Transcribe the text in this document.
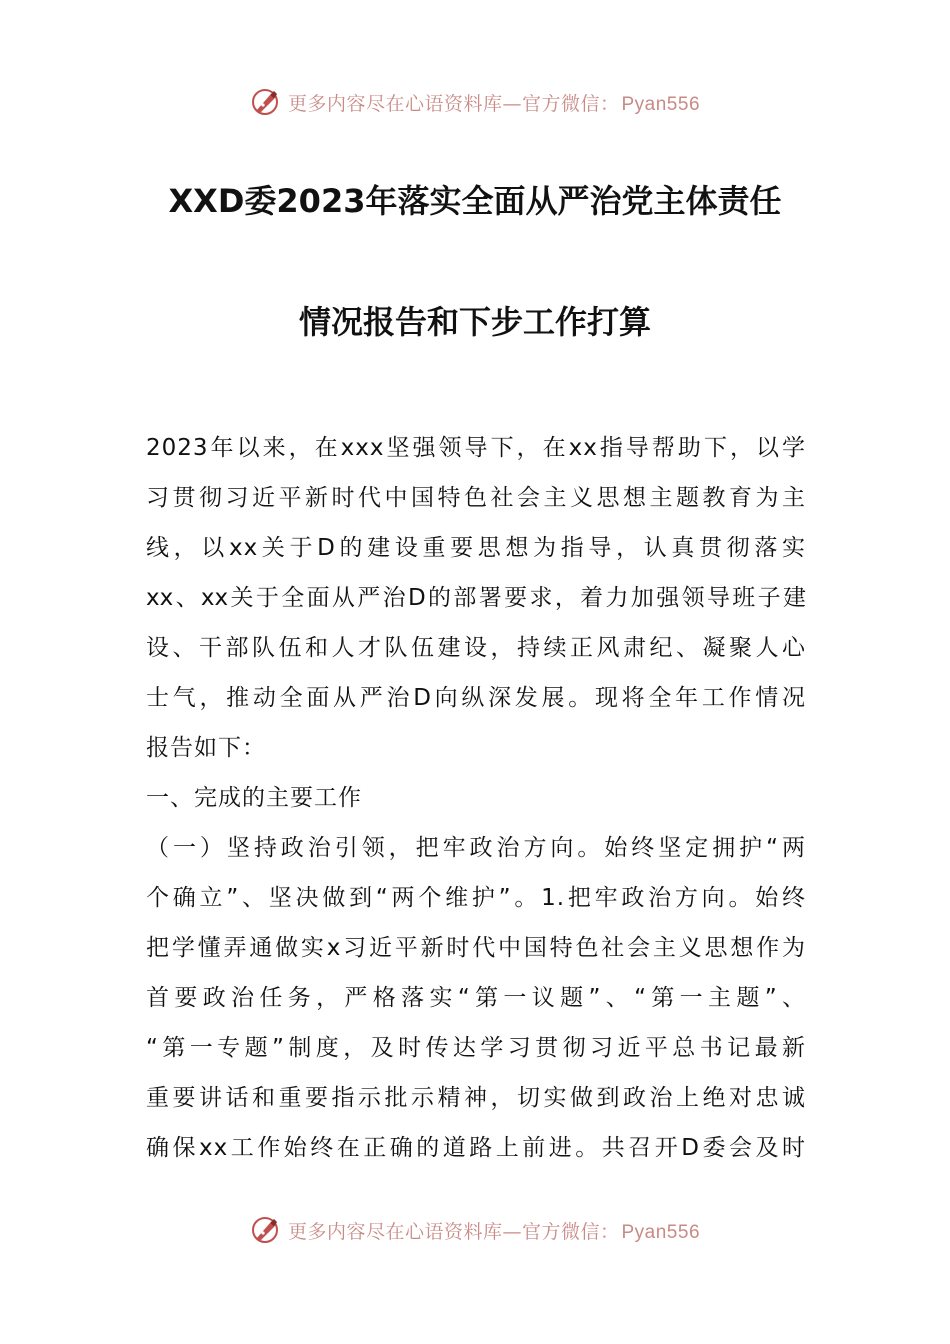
更多内容尽在心语资料库—官方微信： Pyan556
XXD委2023年落实全面从严治党主体责任
情况报告和下步工作打算
2023年以来，在xxx坚强领导下，在xx指导帮助下，以学
习贯彻习近平新时代中国特色社会主义思想主题教育为主
线，以xx关于D的建设重要思想为指导，认真贯彻落实
xx、xx关于全面从严治D的部署要求，着力加强领导班子建
设、干部队伍和人才队伍建设，持续正风肃纪、凝聚人心
士气，推动全面从严治D向纵深发展。现将全年工作情况
报告如下：
一、完成的主要工作
（一）坚持政治引领，把牢政治方向。始终坚定拥护“两
个确立”、坚决做到“两个维护”。1.把牢政治方向。始终
把学懂弄通做实x习近平新时代中国特色社会主义思想作为
首要政治任务，严格落实“第一议题”、“第一主题”、
“第一专题”制度，及时传达学习贯彻习近平总书记最新
重要讲话和重要指示批示精神，切实做到政治上绝对忠诚
确保xx工作始终在正确的道路上前进。共召开D委会及时
更多内容尽在心语资料库—官方微信： Pyan556
